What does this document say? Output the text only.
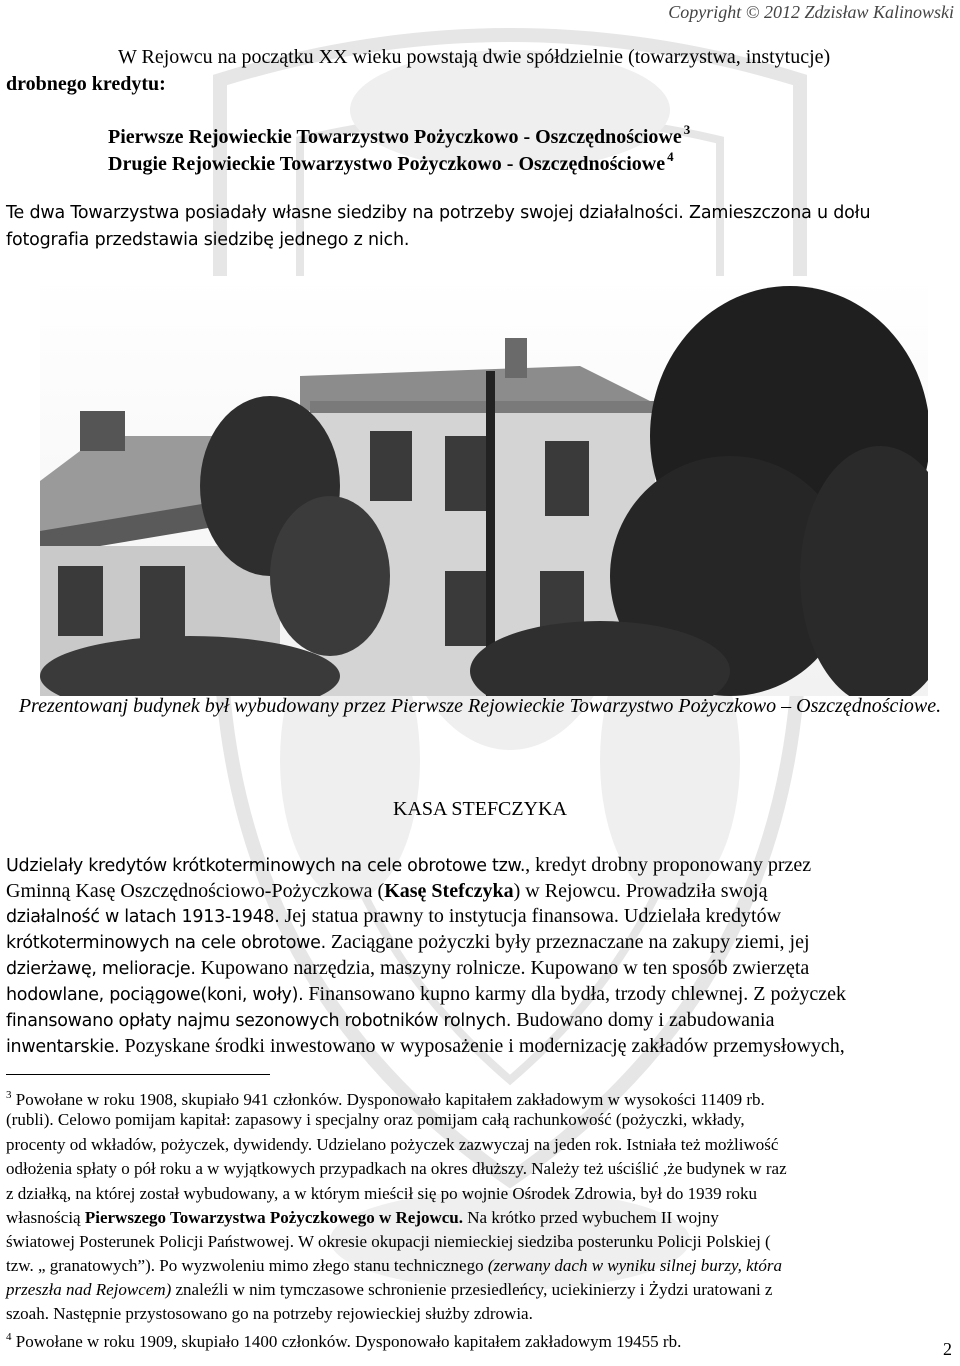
Copyright © 2012 Zdzisław Kalinowski
W Rejowcu na początku XX wieku powstają dwie spółdzielnie (towarzystwa, instytucje)
drobnego kredytu:
Pierwsze Rejowieckie Towarzystwo Pożyczkowo - Oszczędnościowe $^3$
Drugie Rejowieckie Towarzystwo Pożyczkowo - Oszczędnościowe $^4$
Te dwa Towarzystwa posiadały własne siedziby na potrzeby swojej działalności. Zamieszczona u dołu
fotografia przedstawia siedzibę jednego z nich.
Prezentowanj budynek był wybudowany przez Pierwsze Rejowieckie Towarzystwo Pożyczkowo – Oszczędnościowe.
KASA STEFCZYKA
Udzielały kredytów krótkoterminowych na cele obrotowe tzw., kredyt drobny proponowany przez
Gminną Kasę Oszczędnościowo-Pożyczkowa (Kasę Stefczyka) w Rejowcu. Prowadziła swoją
działalność w latach 1913-1948. Jej statua prawny to instytucja finansowa. Udzielała kredytów
krótkoterminowych na cele obrotowe. Zaciągane pożyczki były przeznaczane na zakupy ziemi, jej
dzierżawę, melioracje. Kupowano narzędzia, maszyny rolnicze. Kupowano w ten sposób zwierzęta
hodowlane, pociągowe(koni, woły). Finansowano kupno karmy dla bydła, trzody chlewnej. Z pożyczek
finansowano opłaty najmu sezonowych robotników rolnych. Budowano domy i zabudowania
inwentarskie. Pozyskane środki inwestowano w wyposażenie i modernizację zakładów przemysłowych,
$^3$ Powołane w roku 1908, skupiało 941 członków. Dysponowało kapitałem zakładowym w wysokości 11409 rb.
(rubli). Celowo pomijam kapitał: zapasowy i specjalny oraz pomijam całą rachunkowość (pożyczki, wkłady,
procenty od wkładów, pożyczek, dywidendy. Udzielano pożyczek zazwyczaj na jeden rok. Istniała też możliwość
odłożenia spłaty o pół roku a w wyjątkowych przypadkach na okres dłuższy. Należy też uściślić ,że budynek w raz
z działką, na której został wybudowany, a w którym mieścił się po wojnie Ośrodek Zdrowia, był do 1939 roku
własnością Pierwszego Towarzystwa Pożyczkowego w Rejowcu. Na krótko przed wybuchem II wojny
światowej Posterunek Policji Państwowej. W okresie okupacji niemieckiej siedziba posterunku Policji Polskiej (
tzw. „ granatowych”). Po wyzwoleniu mimo złego stanu technicznego (zerwany dach w wyniku silnej burzy, która
przeszła nad Rejowcem) znaleźli w nim tymczasowe schronienie przesiedleńcy, uciekinierzy i Żydzi uratowani z
szoah. Następnie przystosowano go na potrzeby rejowieckiej służby zdrowia.
$^4$ Powołane w roku 1909, skupiało 1400 członków. Dysponowało kapitałem zakładowym 19455 rb.	2
